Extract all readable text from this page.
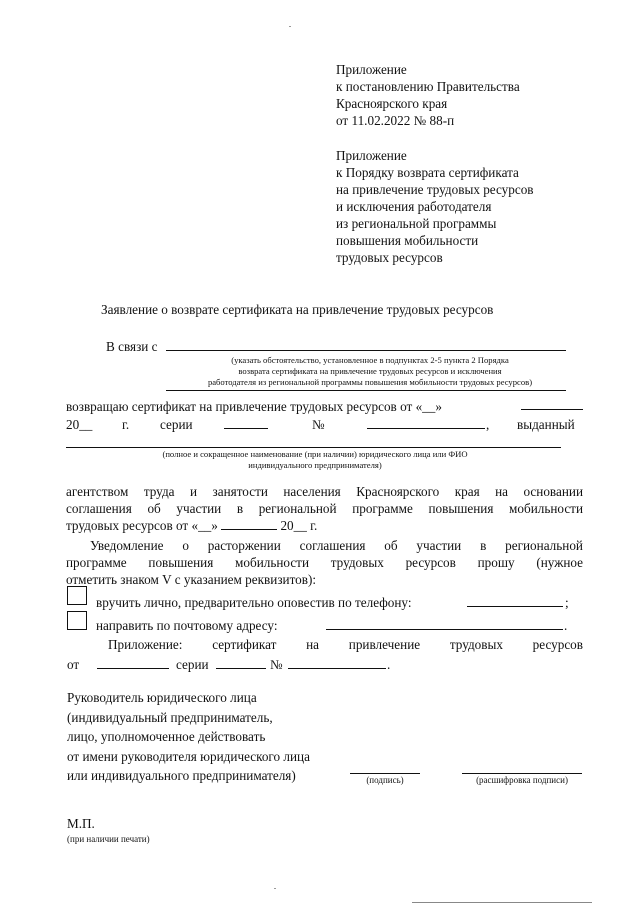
Приложение
к постановлению Правительства
Красноярского края
от 11.02.2022 № 88-п
Приложение
к Порядку возврата сертификата
на привлечение трудовых ресурсов
и исключения работодателя
из региональной программы
повышения мобильности
трудовых ресурсов
Заявление о возврате сертификата на привлечение трудовых ресурсов
В связи с
(указать обстоятельство, установленное в подпунктах 2-5 пункта 2 Порядка
возврата сертификата на привлечение трудовых ресурсов и исключения
работодателя из региональной программы повышения мобильности трудовых ресурсов)
возвращаю сертификат на привлечение трудовых ресурсов от «__»
20__ г. серии	№	, выданный
(полное и сокращенное наименование (при наличии) юридического лица или ФИО
индивидуального предпринимателя)
агентством труда и занятости населения Красноярского края на основании
соглашения об участии в региональной программе повышения мобильности
трудовых ресурсов от «__»	20__ г.
Уведомление о расторжении соглашения об участии в региональной
программе повышения мобильности трудовых ресурсов прошу (нужное
отметить знаком V с указанием реквизитов):
вручить лично, предварительно оповестив по телефону:	;
направить по почтовому адресу:	.
Приложение: сертификат на привлечение трудовых ресурсов
от	серии	№	.
Руководитель юридического лица
(индивидуальный предприниматель,
лицо, уполномоченное действовать
от имени руководителя юридического лица
или индивидуального предпринимателя)	(подпись)	(расшифровка подписи)
М.П.
(при наличии печати)
